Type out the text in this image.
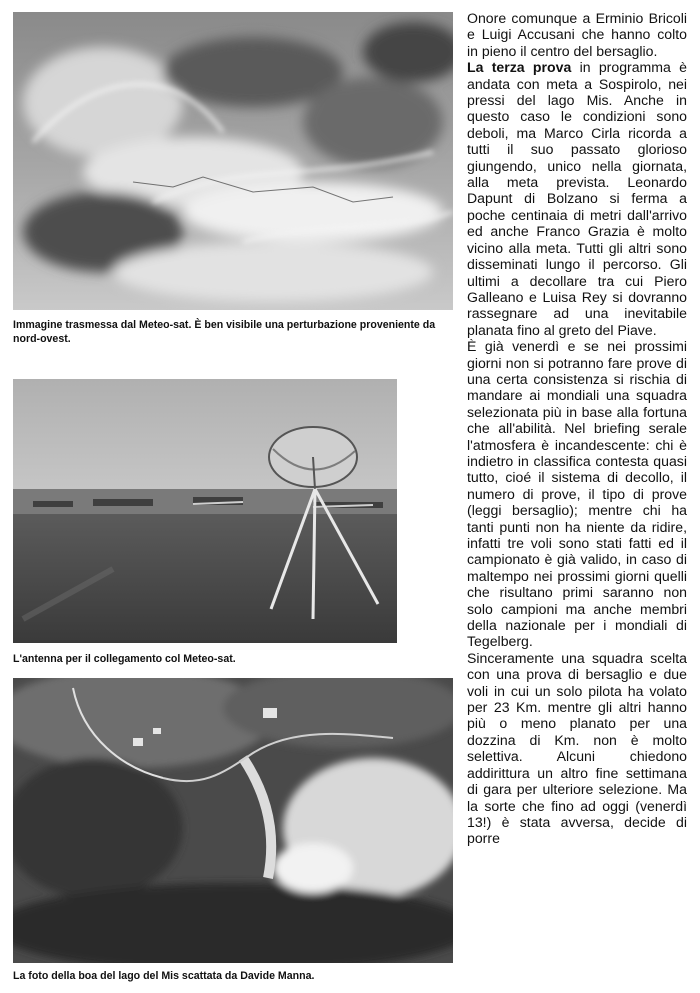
Immagine trasmessa dal Meteo-sat. È ben visibile una perturbazione proveniente da nord-ovest.
L'antenna per il collegamento col Meteo-sat.
La foto della boa del lago del Mis scattata da Davide Manna.

Onore comunque a Erminio Bricoli e Luigi Accusani che hanno colto in pieno il centro del bersaglio.

La terza prova in programma è andata con meta a Sospirolo, nei pressi del lago Mis. Anche in questo caso le condizioni sono deboli, ma Marco Cirla ricorda a tutti il suo passato glorioso giungendo, unico nella giornata, alla meta prevista. Leonardo Dapunt di Bolzano si ferma a poche centinaia di metri dall'arrivo ed anche Franco Grazia è molto vicino alla meta. Tutti gli altri sono disseminati lungo il percorso. Gli ultimi a decollare tra cui Piero Galleano e Luisa Rey si dovranno rassegnare ad una inevitabile planata fino al greto del Piave.

È già venerdì e se nei prossimi giorni non si potranno fare prove di una certa consistenza si rischia di mandare ai mondiali una squadra selezionata più in base alla fortuna che all'abilità. Nel briefing serale l'atmosfera è incandescente: chi è indietro in classifica contesta quasi tutto, cioé il sistema di decollo, il numero di prove, il tipo di prove (leggi bersaglio); mentre chi ha tanti punti non ha niente da ridire, infatti tre voli sono stati fatti ed il campionato è già valido, in caso di maltempo nei prossimi giorni quelli che risultano primi saranno non solo campioni ma anche membri della nazionale per i mondiali di Tegelberg.

Sinceramente una squadra scelta con una prova di bersaglio e due voli in cui un solo pilota ha volato per 23 Km. mentre gli altri hanno più o meno planato per una dozzina di Km. non è molto selettiva. Alcuni chiedono addirittura un altro fine settimana di gara per ulteriore selezione. Ma la sorte che fino ad oggi (venerdì 13!) è stata avversa, decide di porre
